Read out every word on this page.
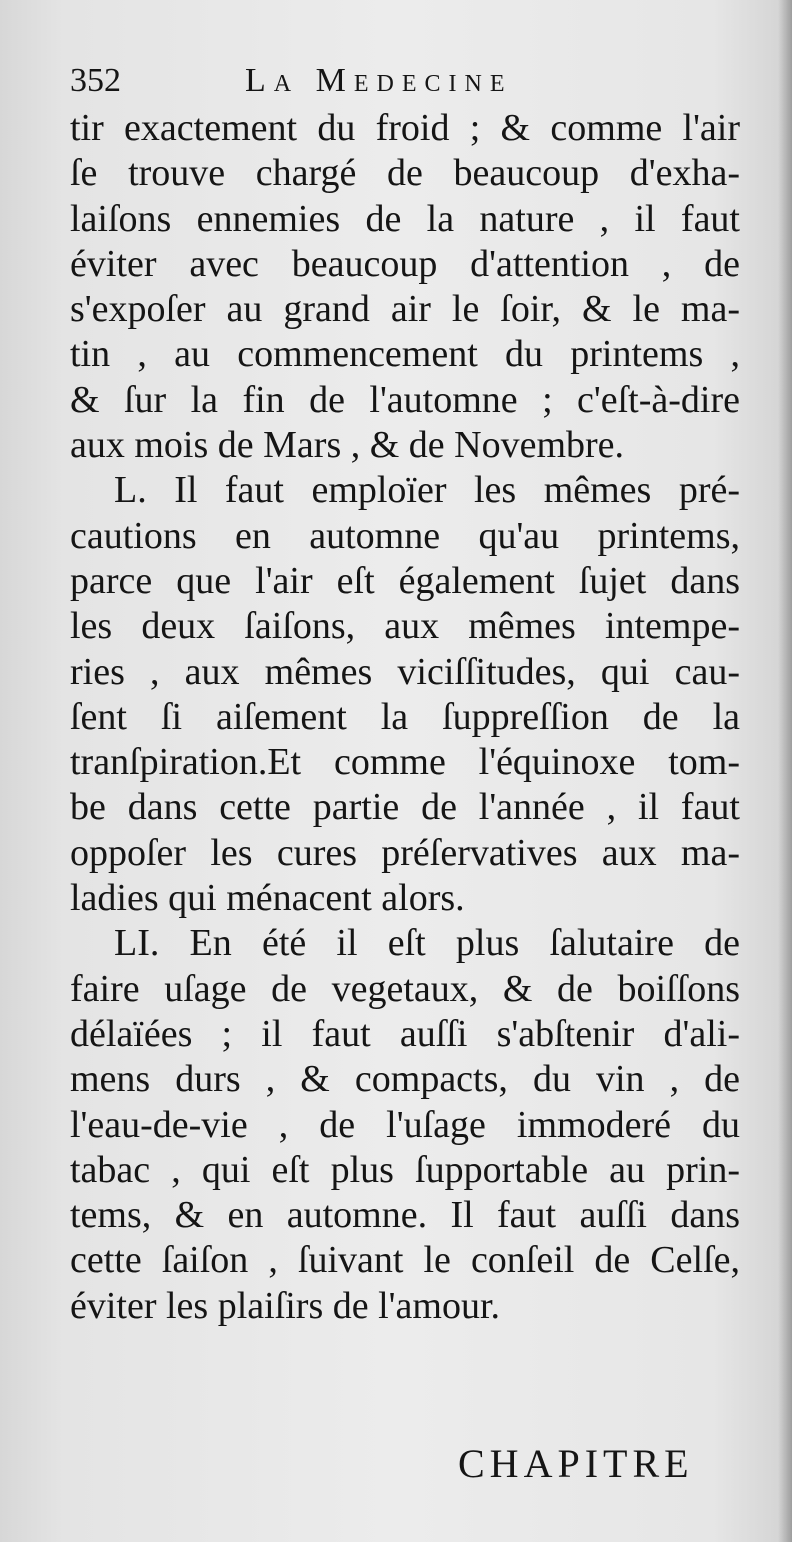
352	La Medecine
tir exactement du froid ; & comme l'air
ſe trouve chargé de beaucoup d'exha-
laiſons ennemies de la nature , il faut
éviter avec beaucoup d'attention , de
s'expoſer au grand air le ſoir, & le ma-
tin , au commencement du printems ,
& ſur la fin de l'automne ; c'eſt-à-dire
aux mois de Mars , & de Novembre.
L. Il faut emploïer les mêmes pré-
cautions en automne qu'au printems,
parce que l'air eſt également ſujet dans
les deux ſaiſons, aux mêmes intempe-
ries , aux mêmes viciſſitudes, qui cau-
ſent ſi aiſement la ſuppreſſion de la
tranſpiration.Et comme l'équinoxe tom-
be dans cette partie de l'année , il faut
oppoſer les cures préſervatives aux ma-
ladies qui ménacent alors.
LI. En été il eſt plus ſalutaire de
faire uſage de vegetaux, & de boiſſons
délaïées ; il faut auſſi s'abſtenir d'ali-
mens durs , & compacts, du vin , de
l'eau-de-vie , de l'uſage immoderé du
tabac , qui eſt plus ſupportable au prin-
tems, & en automne. Il faut auſſi dans
cette ſaiſon , ſuivant le conſeil de Celſe,
éviter les plaiſirs de l'amour.
CHAPITRE
